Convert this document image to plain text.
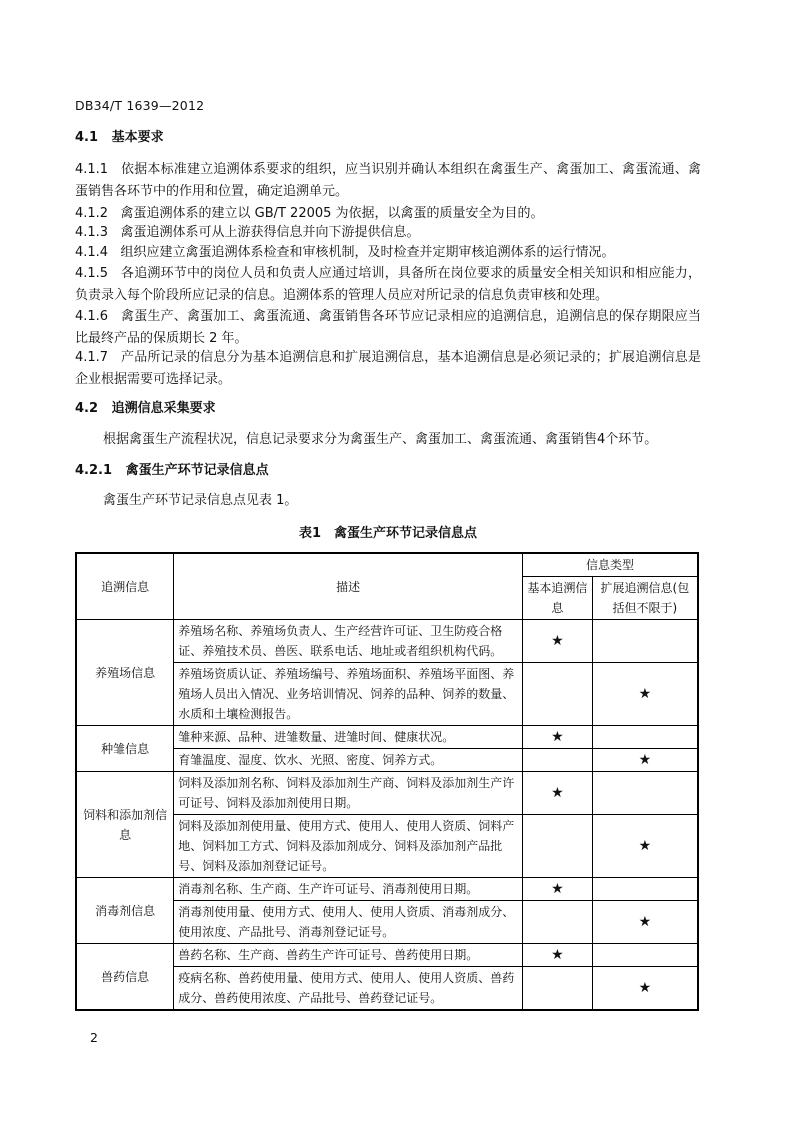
DB34/T 1639—2012
4.1 基本要求
4.1.1 依据本标准建立追溯体系要求的组织，应当识别并确认本组织在禽蛋生产、禽蛋加工、禽蛋流通、禽蛋销售各环节中的作用和位置，确定追溯单元。
4.1.2 禽蛋追溯体系的建立以 GB/T 22005 为依据，以禽蛋的质量安全为目的。
4.1.3 禽蛋追溯体系可从上游获得信息并向下游提供信息。
4.1.4 组织应建立禽蛋追溯体系检查和审核机制，及时检查并定期审核追溯体系的运行情况。
4.1.5 各追溯环节中的岗位人员和负责人应通过培训，具备所在岗位要求的质量安全相关知识和相应能力，负责录入每个阶段所应记录的信息。追溯体系的管理人员应对所记录的信息负责审核和处理。
4.1.6 禽蛋生产、禽蛋加工、禽蛋流通、禽蛋销售各环节应记录相应的追溯信息，追溯信息的保存期限应当比最终产品的保质期长 2 年。
4.1.7 产品所记录的信息分为基本追溯信息和扩展追溯信息，基本追溯信息是必须记录的；扩展追溯信息是企业根据需要可选择记录。
4.2 追溯信息采集要求
根据禽蛋生产流程状况，信息记录要求分为禽蛋生产、禽蛋加工、禽蛋流通、禽蛋销售4个环节。
4.2.1 禽蛋生产环节记录信息点
禽蛋生产环节记录信息点见表 1。
表1　禽蛋生产环节记录信息点
追溯信息	描述	信息类型	
		基本追溯信息	扩展追溯信息(包括但不限于)
养殖场信息	养殖场名称、养殖场负责人、生产经营许可证、卫生防疫合格证、养殖技术员、兽医、联系电话、地址或者组织机构代码。	★	
	养殖场资质认证、养殖场编号、养殖场面积、养殖场平面图、养殖场人员出入情况、业务培训情况、饲养的品种、饲养的数量、水质和土壤检测报告。		★
种雏信息	雏种来源、品种、进雏数量、进雏时间、健康状况。	★	
	育雏温度、湿度、饮水、光照、密度、饲养方式。		★
饲料和添加剂信息	饲料及添加剂名称、饲料及添加剂生产商、饲料及添加剂生产许可证号、饲料及添加剂使用日期。	★	
	饲料及添加剂使用量、使用方式、使用人、使用人资质、饲料产地、饲料加工方式、饲料及添加剂成分、饲料及添加剂产品批号、饲料及添加剂登记证号。		★
消毒剂信息	消毒剂名称、生产商、生产许可证号、消毒剂使用日期。	★	
	消毒剂使用量、使用方式、使用人、使用人资质、消毒剂成分、使用浓度、产品批号、消毒剂登记证号。		★
兽药信息	兽药名称、生产商、兽药生产许可证号、兽药使用日期。	★	
	疫病名称、兽药使用量、使用方式、使用人、使用人资质、兽药成分、兽药使用浓度、产品批号、兽药登记证号。		★
2
